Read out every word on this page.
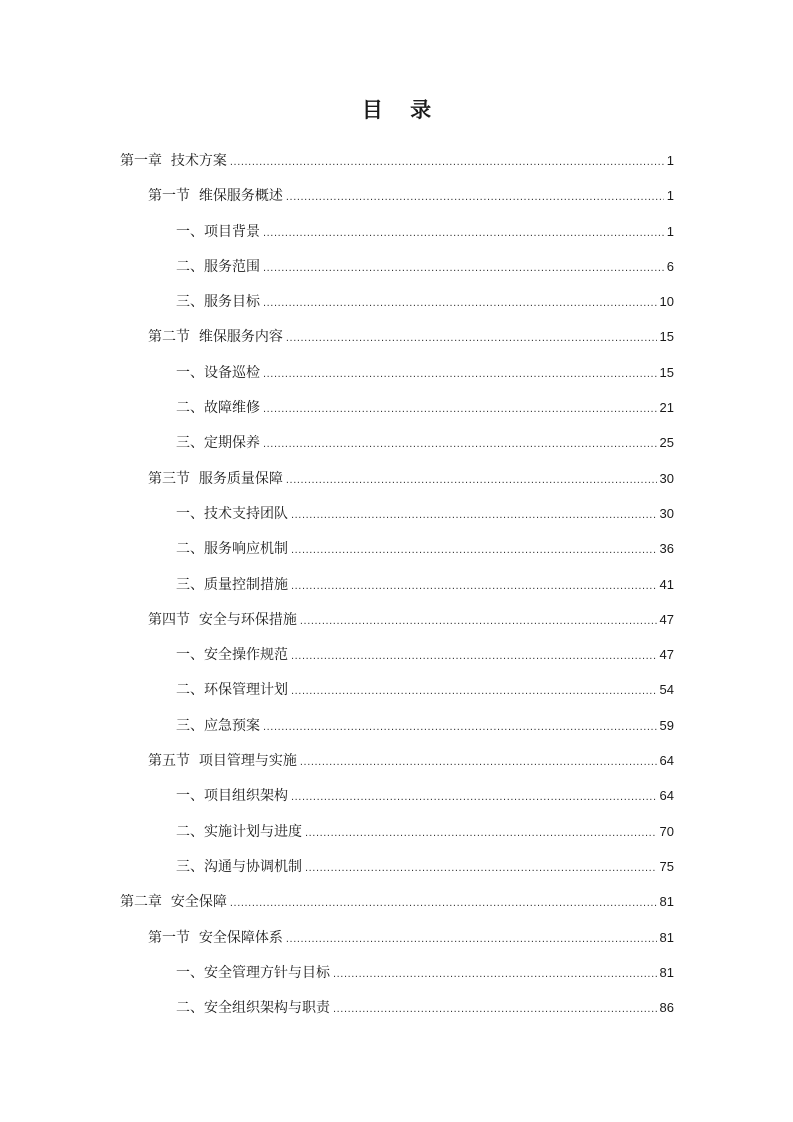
目 录
第一章 技术方案 .....	1
第一节 维保服务概述 .....	1
一、 项目背景 .....	1
二、 服务范围 .....	6
三、 服务目标 .....	10
第二节 维保服务内容 .....	15
一、 设备巡检 .....	15
二、 故障维修 .....	21
三、 定期保养 .....	25
第三节 服务质量保障 .....	30
一、 技术支持团队 .....	30
二、 服务响应机制 .....	36
三、 质量控制措施 .....	41
第四节 安全与环保措施 .....	47
一、 安全操作规范 .....	47
二、 环保管理计划 .....	54
三、 应急预案 .....	59
第五节 项目管理与实施 .....	64
一、 项目组织架构 .....	64
二、 实施计划与进度 .....	70
三、 沟通与协调机制 .....	75
第二章 安全保障 .....	81
第一节 安全保障体系 .....	81
一、 安全管理方针与目标 .....	81
二、 安全组织架构与职责 .....	86
